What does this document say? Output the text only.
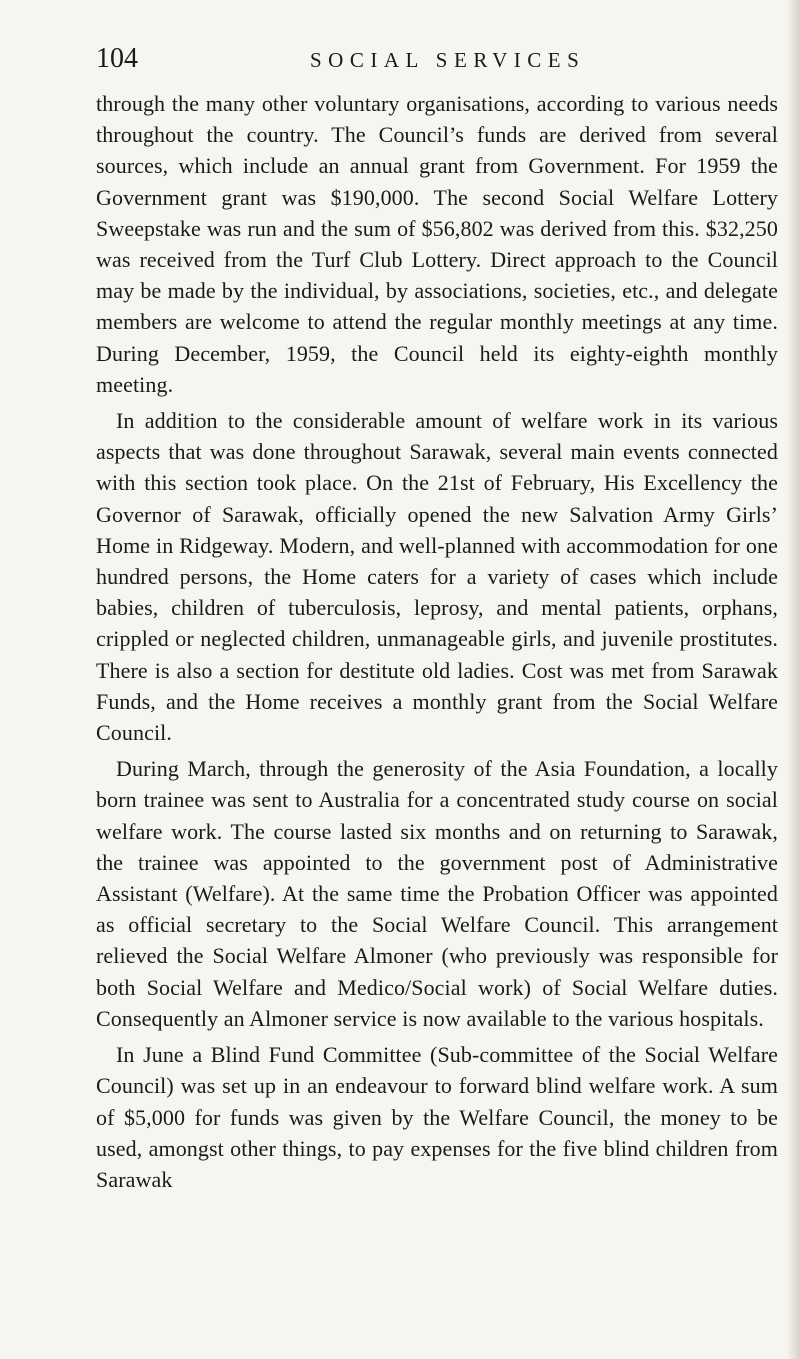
104	SOCIAL SERVICES

through the many other voluntary organisations, according to various needs throughout the country. The Council’s funds are derived from several sources, which include an annual grant from Government. For 1959 the Government grant was $190,000. The second Social Welfare Lottery Sweepstake was run and the sum of $56,802 was derived from this. $32,250 was received from the Turf Club Lottery. Direct approach to the Council may be made by the individual, by associations, societies, etc., and delegate members are welcome to attend the regular monthly meetings at any time. During December, 1959, the Council held its eighty-eighth monthly meeting.

In addition to the considerable amount of welfare work in its various aspects that was done throughout Sarawak, several main events connected with this section took place. On the 21st of February, His Excellency the Governor of Sarawak, officially opened the new Salvation Army Girls’ Home in Ridgeway. Modern, and well-planned with accommodation for one hundred persons, the Home caters for a variety of cases which include babies, children of tuberculosis, leprosy, and mental patients, orphans, crippled or neglected children, unmanageable girls, and juvenile prostitutes. There is also a section for destitute old ladies. Cost was met from Sarawak Funds, and the Home receives a monthly grant from the Social Welfare Council.

During March, through the generosity of the Asia Foundation, a locally born trainee was sent to Australia for a concentrated study course on social welfare work. The course lasted six months and on returning to Sarawak, the trainee was appointed to the government post of Administrative Assistant (Welfare). At the same time the Probation Officer was appointed as official secretary to the Social Welfare Council. This arrangement relieved the Social Welfare Almoner (who previously was responsible for both Social Welfare and Medico/Social work) of Social Welfare duties. Consequently an Almoner service is now available to the various hospitals.

In June a Blind Fund Committee (Sub-committee of the Social Welfare Council) was set up in an endeavour to forward blind welfare work. A sum of $5,000 for funds was given by the Welfare Council, the money to be used, amongst other things, to pay expenses for the five blind children from Sarawak
